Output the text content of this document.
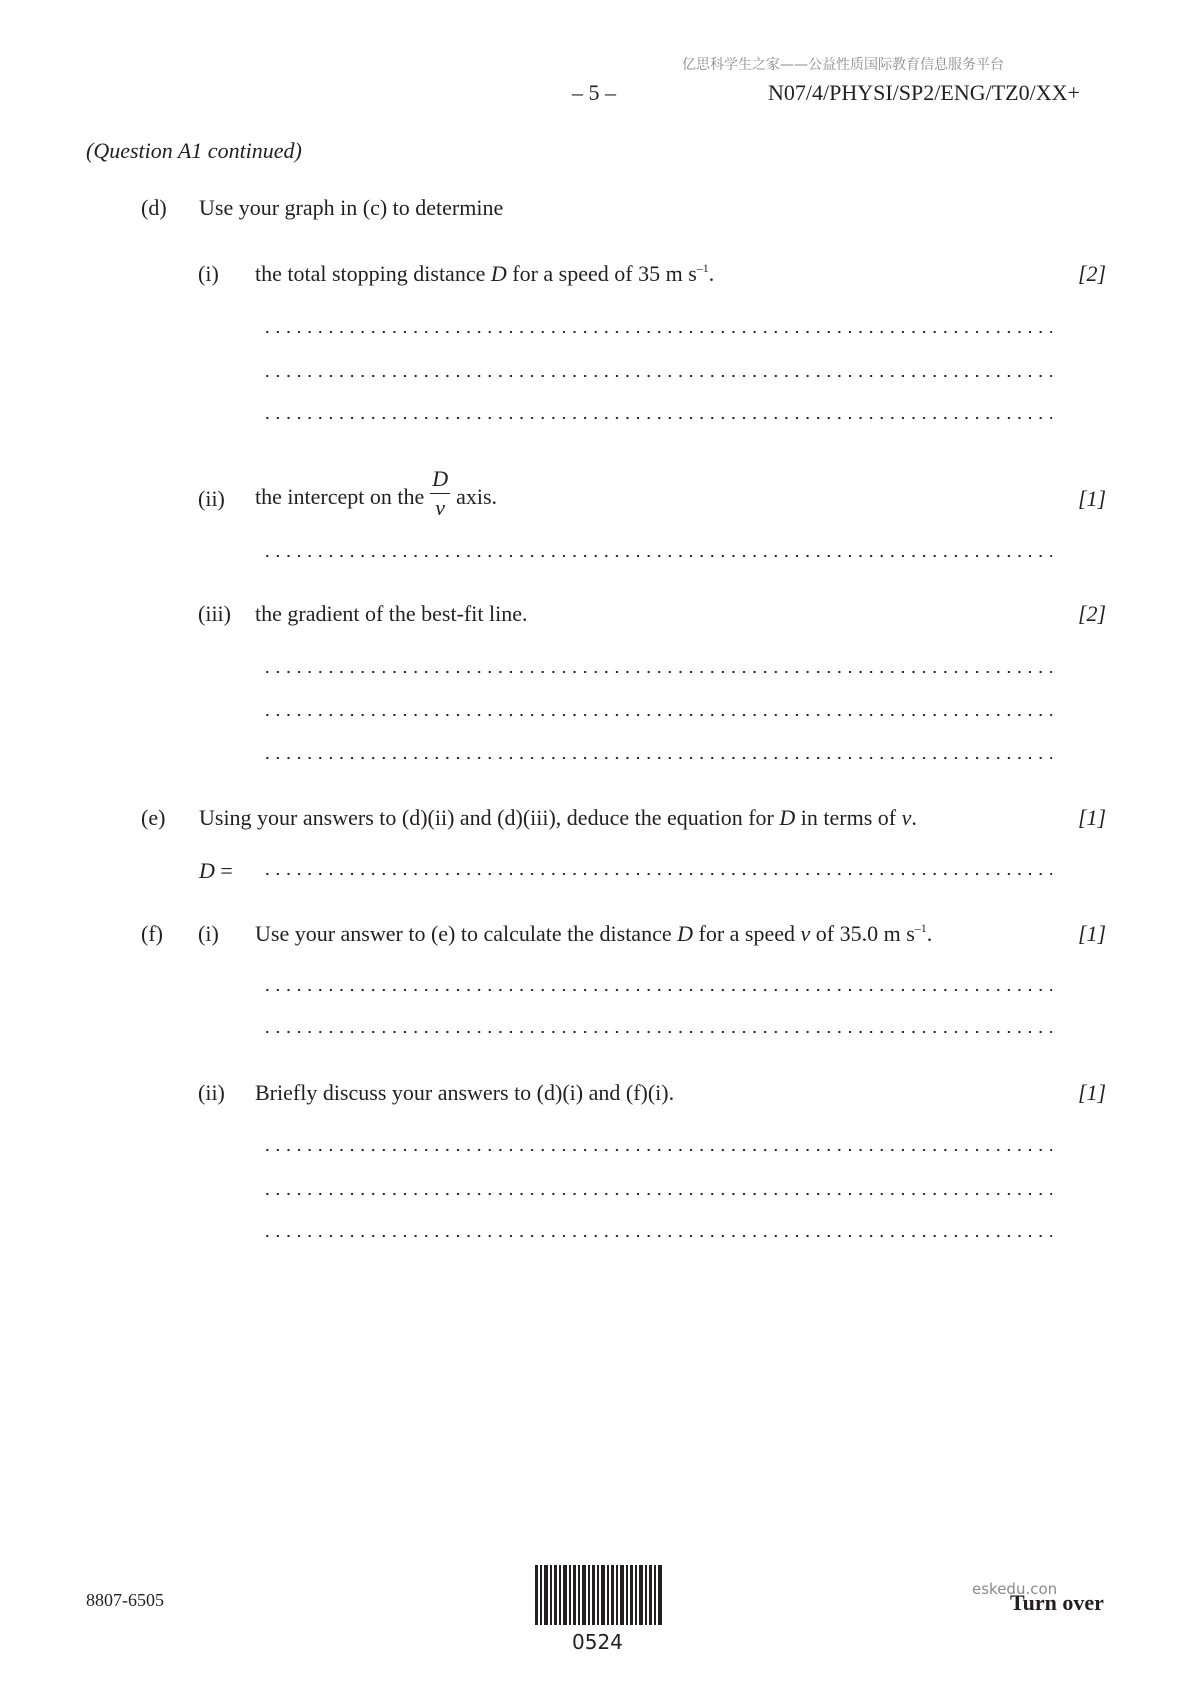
亿思科学生之家——公益性质国际教育信息服务平台
– 5 –	N07/4/PHYSI/SP2/ENG/TZ0/XX+
(Question A1 continued)
(d) Use your graph in (c) to determine
(i) the total stopping distance D for a speed of 35 m $s^{-1}$.	[2]
(ii) the intercept on the $\frac{D}{v}$ axis.	[1]
(iii) the gradient of the best-fit line.	[2]
(e) Using your answers to (d)(ii) and (d)(iii), deduce the equation for D in terms of v.	[1]
D =
(f) (i) Use your answer to (e) to calculate the distance D for a speed v of 35.0 m $s^{-1}$.	[1]
(ii) Briefly discuss your answers to (d)(i) and (f)(i).	[1]
8807-6505
0524
eskedu.con
Turn over
